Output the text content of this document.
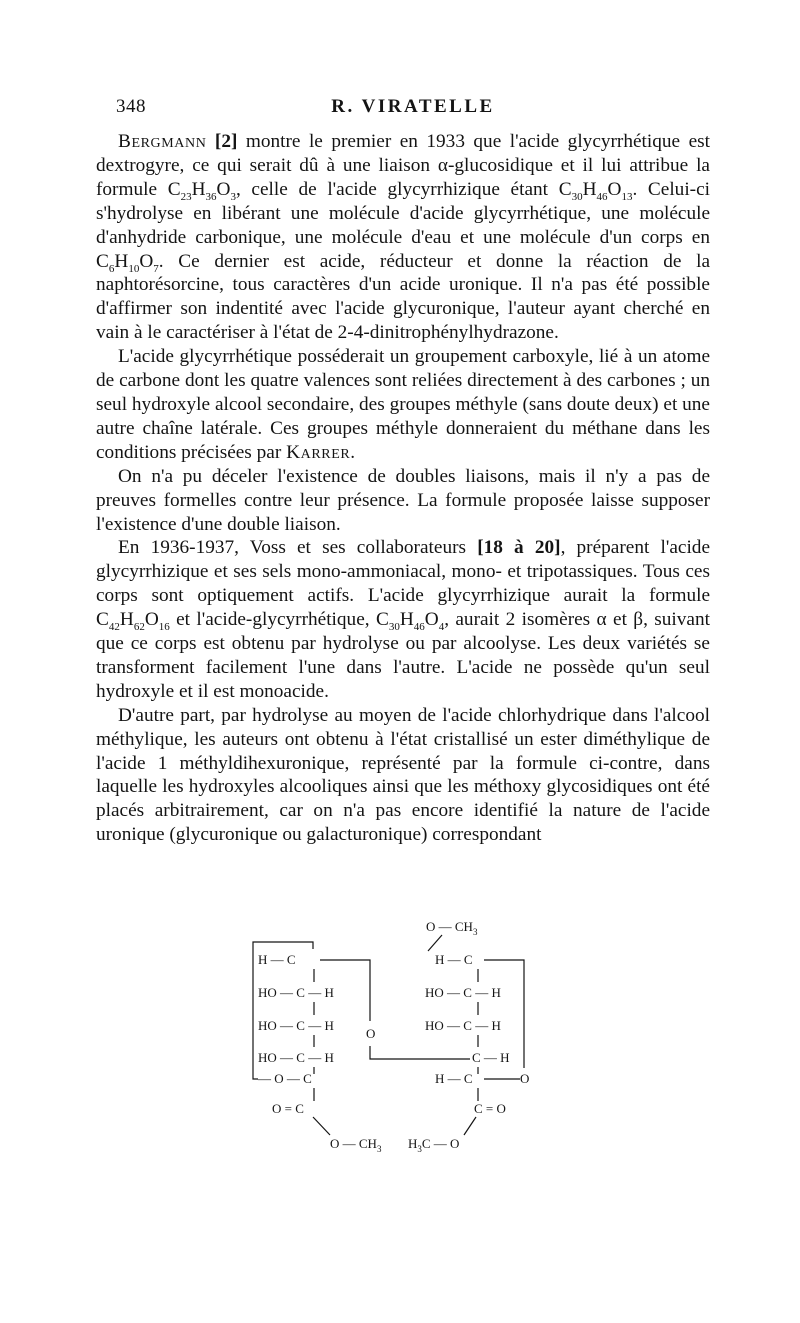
348	R. VIRATELLE

Bergmann [2] montre le premier en 1933 que l'acide glycyrrhétique est dextrogyre, ce qui serait dû à une liaison α-glucosidique et il lui attribue la formule $C_{23}H_{36}O_3$, celle de l'acide glycyrrhizique étant $C_{30}H_{46}O_{13}$. Celui-ci s'hydrolyse en libérant une molécule d'acide glycyrrhétique, une molécule d'anhydride carbonique, une molécule d'eau et une molécule d'un corps en $C_6H_{10}O_7$. Ce dernier est acide, réducteur et donne la réaction de la naphtorésorcine, tous caractères d'un acide uronique. Il n'a pas été possible d'affirmer son indentité avec l'acide glycuronique, l'auteur ayant cherché en vain à le caractériser à l'état de 2-4-dinitrophénylhydrazone.

L'acide glycyrrhétique posséderait un groupement carboxyle, lié à un atome de carbone dont les quatre valences sont reliées directement à des carbones ; un seul hydroxyle alcool secondaire, des groupes méthyle (sans doute deux) et une autre chaîne latérale. Ces groupes méthyle donneraient du méthane dans les conditions précisées par Karrer.

On n'a pu déceler l'existence de doubles liaisons, mais il n'y a pas de preuves formelles contre leur présence. La formule proposée laisse supposer l'existence d'une double liaison.

En 1936-1937, Voss et ses collaborateurs [18 à 20], préparent l'acide glycyrrhizique et ses sels mono-ammoniacal, mono- et tripotassiques. Tous ces corps sont optiquement actifs. L'acide glycyrrhizique aurait la formule $C_{42}H_{62}O_{16}$ et l'acide-glycyrrhétique, $C_{30}H_{46}O_4$, aurait 2 isomères α et β, suivant que ce corps est obtenu par hydrolyse ou par alcoolyse. Les deux variétés se transforment facilement l'une dans l'autre. L'acide ne possède qu'un seul hydroxyle et il est monoacide.

D'autre part, par hydrolyse au moyen de l'acide chlorhydrique dans l'alcool méthylique, les auteurs ont obtenu à l'état cristallisé un ester diméthylique de l'acide 1 méthyldihexuronique, représenté par la formule ci-contre, dans laquelle les hydroxyles alcooliques ainsi que les méthoxy glycosidiques ont été placés arbitrairement, car on n'a pas encore identifié la nature de l'acide uronique (glycuronique ou galacturonique) correspondant

O — $CH_3$
H — C
HO — C — H
HO — C — H
HO — C — H
— O — C
O = C
O
H — C
HO — C — H
HO — C — H
C — H
H — C
C = O
O
O — $CH_3$ $H_3C$ — O
